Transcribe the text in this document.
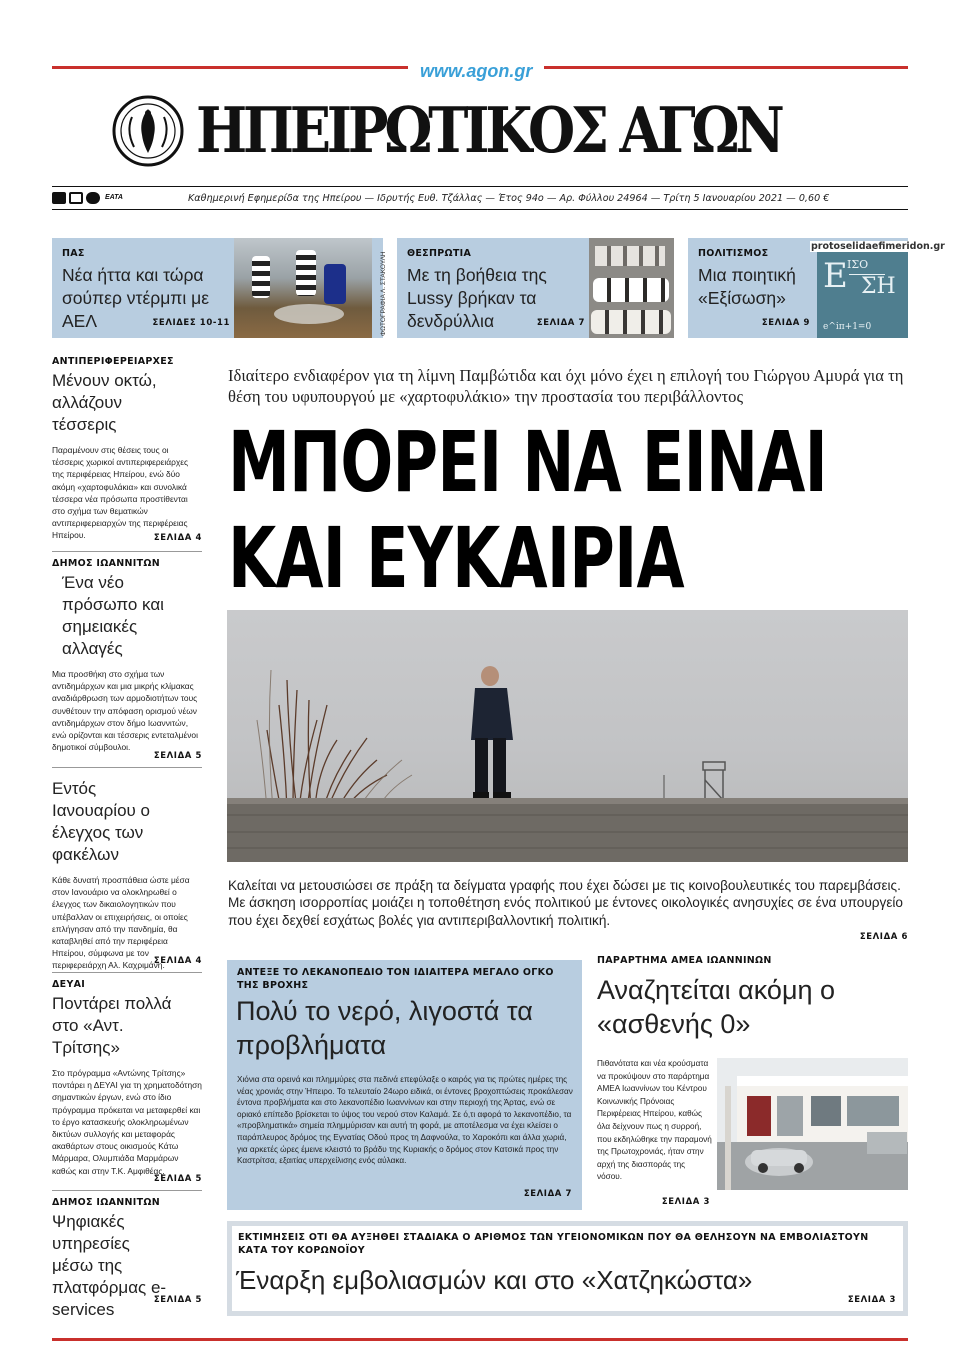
www.agon.gr
ΗΠΕΙΡΩΤΙΚΟΣ ΑΓΩΝ
ΕΑΤΑ	Καθημερινή Εφημερίδα της Ηπείρου — Ιδρυτής Ευθ. Τζάλλας — Έτος 94ο — Αρ. Φύλλου 24964 — Τρίτη 5 Ιανουαρίου 2021 — 0,60 €
ΠΑΣ
Νέα ήττα και τώρα σούπερ ντέρμπι με ΑΕΛ	ΣΕΛΙΔΕΣ 10-11	ΦΩΤΟΓΡΑΦΙΑ Λ. ΣΤΑΚΟΥΛΗ ΘΕΣΠΡΩΤΙΑ
Με τη βοήθεια της Lussy βρήκαν τα δενδρύλλια	ΣΕΛΙΔΑ 7
ΠΟΛΙΤΙΣΜΟΣ
Μια ποιητική «Εξίσωση»
ΣΕΛΙΔΑ 9
Ε ΙΣΟ
ΣΗ
e^iπ+1=0
protoselidaefimeridon.gr
ΑΝΤΙΠΕΡΙΦΕΡΕΙΑΡΧΕΣ
Μένουν οκτώ, αλλάζουν τέσσερις
Παραμένουν στις θέσεις τους οι τέσσερις χωρικοί αντιπεριφερειάρχες της περιφέρειας Ηπείρου, ενώ δύο ακόμη «χαρτοφυλάκια» και συνολικά τέσσερα νέα πρόσωπα προστίθενται στο σχήμα των θεματικών αντιπεριφερειαρχών της περιφέρειας Ηπείρου.	ΣΕΛΙΔΑ 4
ΔΗΜΟΣ ΙΩΑΝΝΙΤΩΝ
Ένα νέο πρόσωπο και σημειακές αλλαγές
Μια προσθήκη στο σχήμα των αντιδημάρχων και μια μικρής κλίμακας αναδιάρθρωση των αρμοδιοτήτων τους συνθέτουν την απόφαση ορισμού νέων αντιδημάρχων στον δήμο Ιωαννιτών, ενώ ορίζονται και τέσσερις εντεταλμένοι δημοτικοί σύμβουλοι.
ΣΕΛΙΔΑ 5
Εντός Ιανουαρίου ο έλεγχος των φακέλων
Κάθε δυνατή προσπάθεια ώστε μέσα στον Ιανουάριο να ολοκληρωθεί ο έλεγχος των δικαιολογητικών που υπέβαλλαν οι επιχειρήσεις, οι οποίες επλήγησαν από την πανδημία, θα καταβληθεί από την περιφέρεια Ηπείρου, σύμφωνα με τον περιφερειάρχη Αλ. Καχριμάνη.
ΣΕΛΙΔΑ 4
ΔΕΥΑΙ
Ποντάρει πολλά στο «Αντ. Τρίτσης»
Στο πρόγραμμα «Αντώνης Τρίτσης» ποντάρει η ΔΕΥΑΙ για τη χρηματοδότηση σημαντικών έργων, ενώ στο ίδιο πρόγραμμα πρόκειται να μεταφερθεί και το έργο κατασκευής ολοκληρωμένων δικτύων συλλογής και μεταφοράς ακαθάρτων στους οικισμούς Κάτω Μάρμαρα, Ολυμπιάδα Μαρμάρων καθώς και στην Τ.Κ. Αμφιθέας.
ΣΕΛΙΔΑ 5
ΔΗΜΟΣ ΙΩΑΝΝΙΤΩΝ
Ψηφιακές υπηρεσίες μέσω της πλατφόρμας e-services	ΣΕΛΙΔΑ 5
Ιδιαίτερο ενδιαφέρον για τη λίμνη Παμβώτιδα και όχι μόνο έχει η επιλογή του Γιώργου Αμυρά για τη θέση του υφυπουργού με «χαρτοφυλάκιο» την προστασία του περιβάλλοντος
ΜΠΟΡΕΙ ΝΑ ΕΙΝΑΙ
ΚΑΙ ΕΥΚΑΙΡΙΑ
Καλείται να μετουσιώσει σε πράξη τα δείγματα γραφής που έχει δώσει με τις κοινοβουλευτικές του παρεμβάσεις. Με άσκηση ισορροπίας μοιάζει η τοποθέτηση ενός πολιτικού με έντονες οικολογικές ανησυχίες σε ένα υπουργείο που έχει δεχθεί εσχάτως βολές για αντιπεριβαλλοντική πολιτική.
ΣΕΛΙΔΑ 6
ΑΝΤΕΞΕ ΤΟ ΛΕΚΑΝΟΠΕΔΙΟ ΤΟΝ ΙΔΙΑΙΤΕΡΑ ΜΕΓΑΛΟ ΟΓΚΟ ΤΗΣ ΒΡΟΧΗΣ
Πολύ το νερό, λιγοστά τα προβλήματα
Χιόνια στα ορεινά και πλημμύρες στα πεδινά επεφύλαξε ο καιρός για τις πρώτες ημέρες της νέας χρονιάς στην Ήπειρο. Το τελευταίο 24ωρο ειδικά, οι έντονες βροχοπτώσεις προκάλεσαν έντονα προβλήματα και στο λεκανοπέδιο Ιωαννίνων και στην περιοχή της Άρτας, ενώ σε οριακό επίπεδο βρίσκεται το ύψος του νερού στον Καλαμά. Σε ό,τι αφορά το λεκανοπέδιο, τα «προβληματικά» σημεία πλημμύρισαν και αυτή τη φορά, με αποτέλεσμα να έχει κλείσει ο παράπλευρος δρόμος της Εγνατίας Οδού προς τη Δαφνούλα, το Χαροκόπι και άλλα χωριά, για αρκετές ώρες έμεινε κλειστό το βράδυ της Κυριακής ο δρόμος στον Κατσικά προς την Καστρίτσα, εξαιτίας υπερχείλισης ενός αύλακα.
ΣΕΛΙΔΑ 7
ΠΑΡΑΡΤΗΜΑ ΑΜΕΑ ΙΩΑΝΝΙΝΩΝ
Αναζητείται ακόμη ο «ασθενής 0»
Πιθανότατα και νέα κρούσματα να προκύψουν στο παράρτημα ΑΜΕΑ Ιωαννίνων του Κέντρου Κοινωνικής Πρόνοιας Περιφέρειας Ηπείρου, καθώς όλα δείχνουν πως η συρροή, που εκδηλώθηκε την παραμονή της Πρωτοχρονιάς, ήταν στην αρχή της διασποράς της νόσου.
ΣΕΛΙΔΑ 3
ΕΚΤΙΜΗΣΕΙΣ ΟΤΙ ΘΑ ΑΥΞΗΘΕΙ ΣΤΑΔΙΑΚΑ Ο ΑΡΙΘΜΟΣ ΤΩΝ ΥΓΕΙΟΝΟΜΙΚΩΝ ΠΟΥ ΘΑ ΘΕΛΗΣΟΥΝ ΝΑ ΕΜΒΟΛΙΑΣΤΟΥΝ ΚΑΤΑ ΤΟΥ ΚΟΡΩΝΟΪΟΥ
Έναρξη εμβολιασμών και στο «Χατζηκώστα»
ΣΕΛΙΔΑ 3
